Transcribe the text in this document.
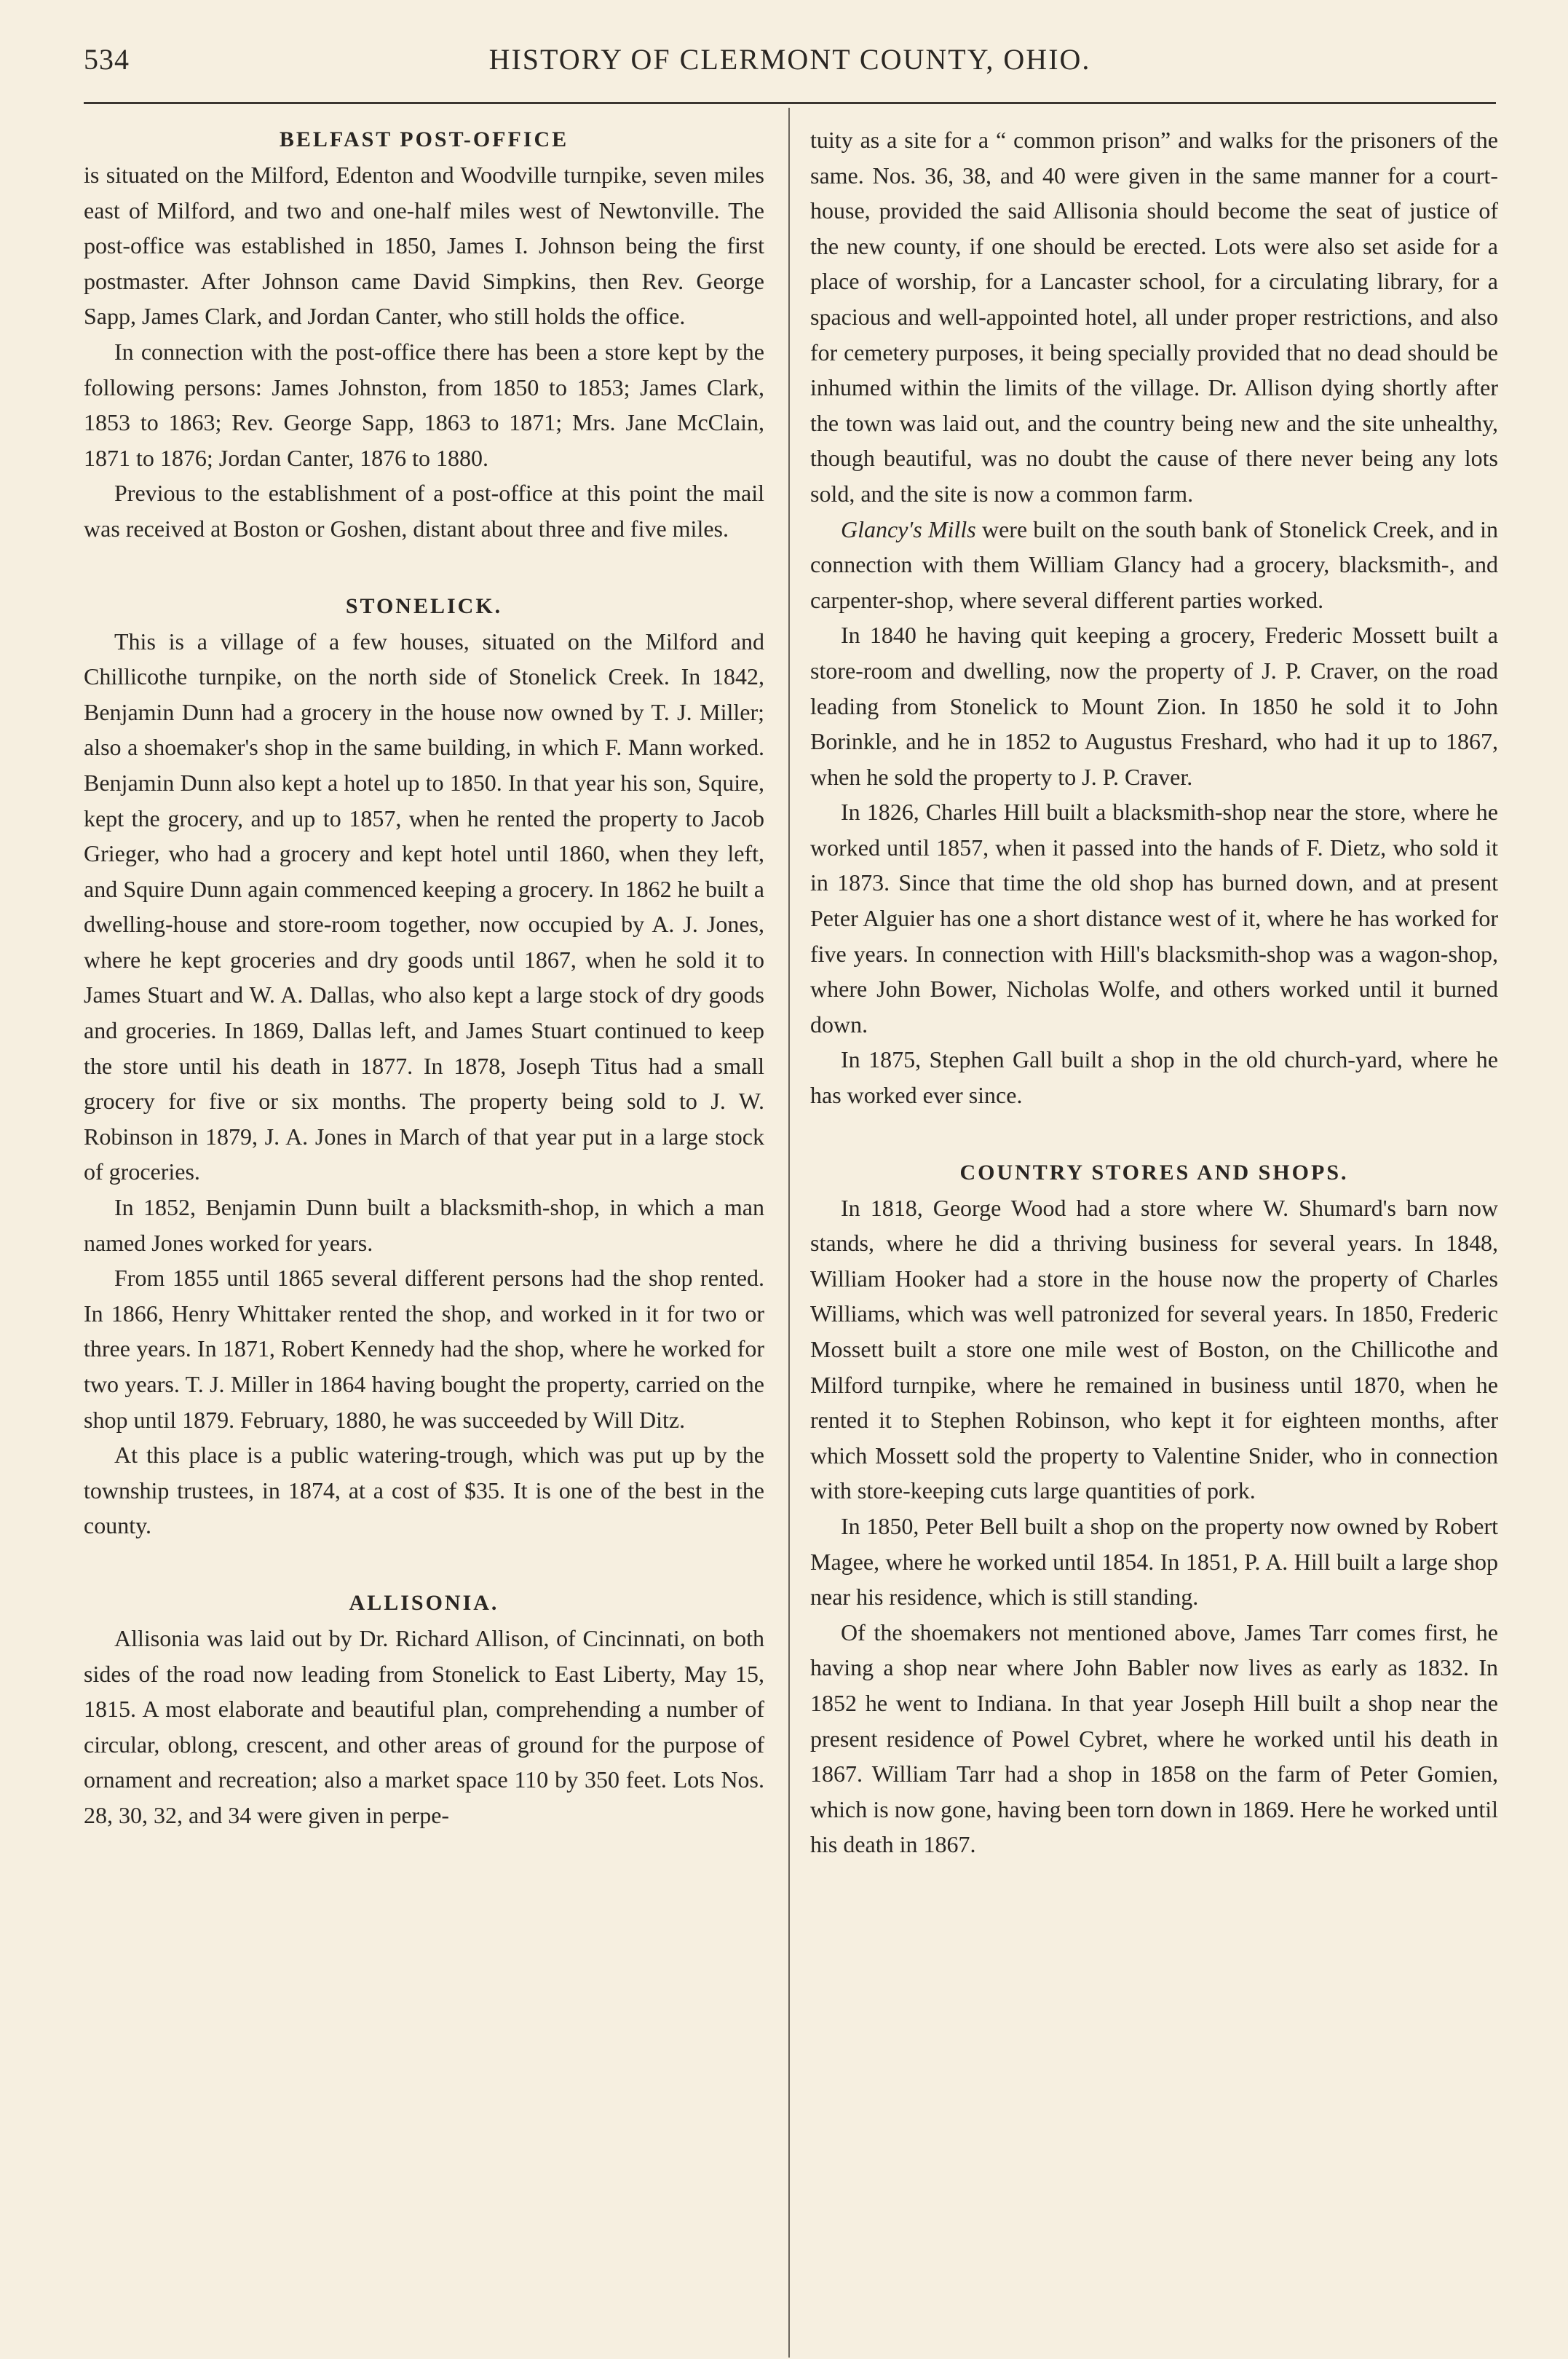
534	HISTORY OF CLERMONT COUNTY, OHIO.
BELFAST POST-OFFICE

is situated on the Milford, Edenton and Woodville turnpike, seven miles east of Milford, and two and one-half miles west of Newtonville. The post-office was established in 1850, James I. Johnson being the first postmaster. After Johnson came David Simpkins, then Rev. George Sapp, James Clark, and Jordan Canter, who still holds the office.

In connection with the post-office there has been a store kept by the following persons: James Johnston, from 1850 to 1853; James Clark, 1853 to 1863; Rev. George Sapp, 1863 to 1871; Mrs. Jane McClain, 1871 to 1876; Jordan Canter, 1876 to 1880.

Previous to the establishment of a post-office at this point the mail was received at Boston or Goshen, distant about three and five miles.

STONELICK.

This is a village of a few houses, situated on the Milford and Chillicothe turnpike, on the north side of Stonelick Creek. In 1842, Benjamin Dunn had a grocery in the house now owned by T. J. Miller; also a shoemaker's shop in the same building, in which F. Mann worked. Benjamin Dunn also kept a hotel up to 1850. In that year his son, Squire, kept the grocery, and up to 1857, when he rented the property to Jacob Grieger, who had a grocery and kept hotel until 1860, when they left, and Squire Dunn again commenced keeping a grocery. In 1862 he built a dwelling-house and store-room together, now occupied by A. J. Jones, where he kept groceries and dry goods until 1867, when he sold it to James Stuart and W. A. Dallas, who also kept a large stock of dry goods and groceries. In 1869, Dallas left, and James Stuart continued to keep the store until his death in 1877. In 1878, Joseph Titus had a small grocery for five or six months. The property being sold to J. W. Robinson in 1879, J. A. Jones in March of that year put in a large stock of groceries.

In 1852, Benjamin Dunn built a blacksmith-shop, in which a man named Jones worked for years.

From 1855 until 1865 several different persons had the shop rented. In 1866, Henry Whittaker rented the shop, and worked in it for two or three years. In 1871, Robert Kennedy had the shop, where he worked for two years. T. J. Miller in 1864 having bought the property, carried on the shop until 1879. February, 1880, he was succeeded by Will Ditz.

At this place is a public watering-trough, which was put up by the township trustees, in 1874, at a cost of $35. It is one of the best in the county.

ALLISONIA.

Allisonia was laid out by Dr. Richard Allison, of Cincinnati, on both sides of the road now leading from Stonelick to East Liberty, May 15, 1815. A most elaborate and beautiful plan, comprehending a number of circular, oblong, crescent, and other areas of ground for the purpose of ornament and recreation; also a market space 110 by 350 feet. Lots Nos. 28, 30, 32, and 34 were given in perpe-

tuity as a site for a “ common prison” and walks for the prisoners of the same. Nos. 36, 38, and 40 were given in the same manner for a court-house, provided the said Allisonia should become the seat of justice of the new county, if one should be erected. Lots were also set aside for a place of worship, for a Lancaster school, for a circulating library, for a spacious and well-appointed hotel, all under proper restrictions, and also for cemetery purposes, it being specially provided that no dead should be inhumed within the limits of the village. Dr. Allison dying shortly after the town was laid out, and the country being new and the site unhealthy, though beautiful, was no doubt the cause of there never being any lots sold, and the site is now a common farm.

Glancy's Mills were built on the south bank of Stonelick Creek, and in connection with them William Glancy had a grocery, blacksmith-, and carpenter-shop, where several different parties worked.

In 1840 he having quit keeping a grocery, Frederic Mossett built a store-room and dwelling, now the property of J. P. Craver, on the road leading from Stonelick to Mount Zion. In 1850 he sold it to John Borinkle, and he in 1852 to Augustus Freshard, who had it up to 1867, when he sold the property to J. P. Craver.

In 1826, Charles Hill built a blacksmith-shop near the store, where he worked until 1857, when it passed into the hands of F. Dietz, who sold it in 1873. Since that time the old shop has burned down, and at present Peter Alguier has one a short distance west of it, where he has worked for five years. In connection with Hill's blacksmith-shop was a wagon-shop, where John Bower, Nicholas Wolfe, and others worked until it burned down.

In 1875, Stephen Gall built a shop in the old church-yard, where he has worked ever since.

COUNTRY STORES AND SHOPS.

In 1818, George Wood had a store where W. Shumard's barn now stands, where he did a thriving business for several years. In 1848, William Hooker had a store in the house now the property of Charles Williams, which was well patronized for several years. In 1850, Frederic Mossett built a store one mile west of Boston, on the Chillicothe and Milford turnpike, where he remained in business until 1870, when he rented it to Stephen Robinson, who kept it for eighteen months, after which Mossett sold the property to Valentine Snider, who in connection with store-keeping cuts large quantities of pork.

In 1850, Peter Bell built a shop on the property now owned by Robert Magee, where he worked until 1854. In 1851, P. A. Hill built a large shop near his residence, which is still standing.

Of the shoemakers not mentioned above, James Tarr comes first, he having a shop near where John Babler now lives as early as 1832. In 1852 he went to Indiana. In that year Joseph Hill built a shop near the present residence of Powel Cybret, where he worked until his death in 1867. William Tarr had a shop in 1858 on the farm of Peter Gomien, which is now gone, having been torn down in 1869. Here he worked until his death in 1867.
